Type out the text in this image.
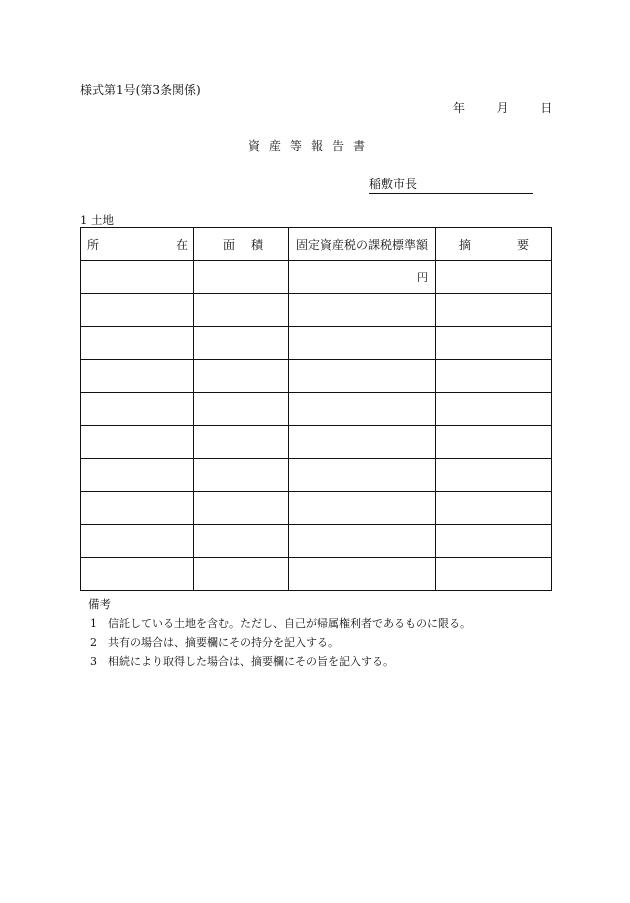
様式第1号(第3条関係)
年	月	日
資産等報告書
稲敷市長
1 土地
所 在	面 積	固定資産税の課税標準額	摘 要

		円	

備考
1 信託している土地を含む。ただし、自己が帰属権利者であるものに限る。
2 共有の場合は、摘要欄にその持分を記入する。
3 相続により取得した場合は、摘要欄にその旨を記入する。
